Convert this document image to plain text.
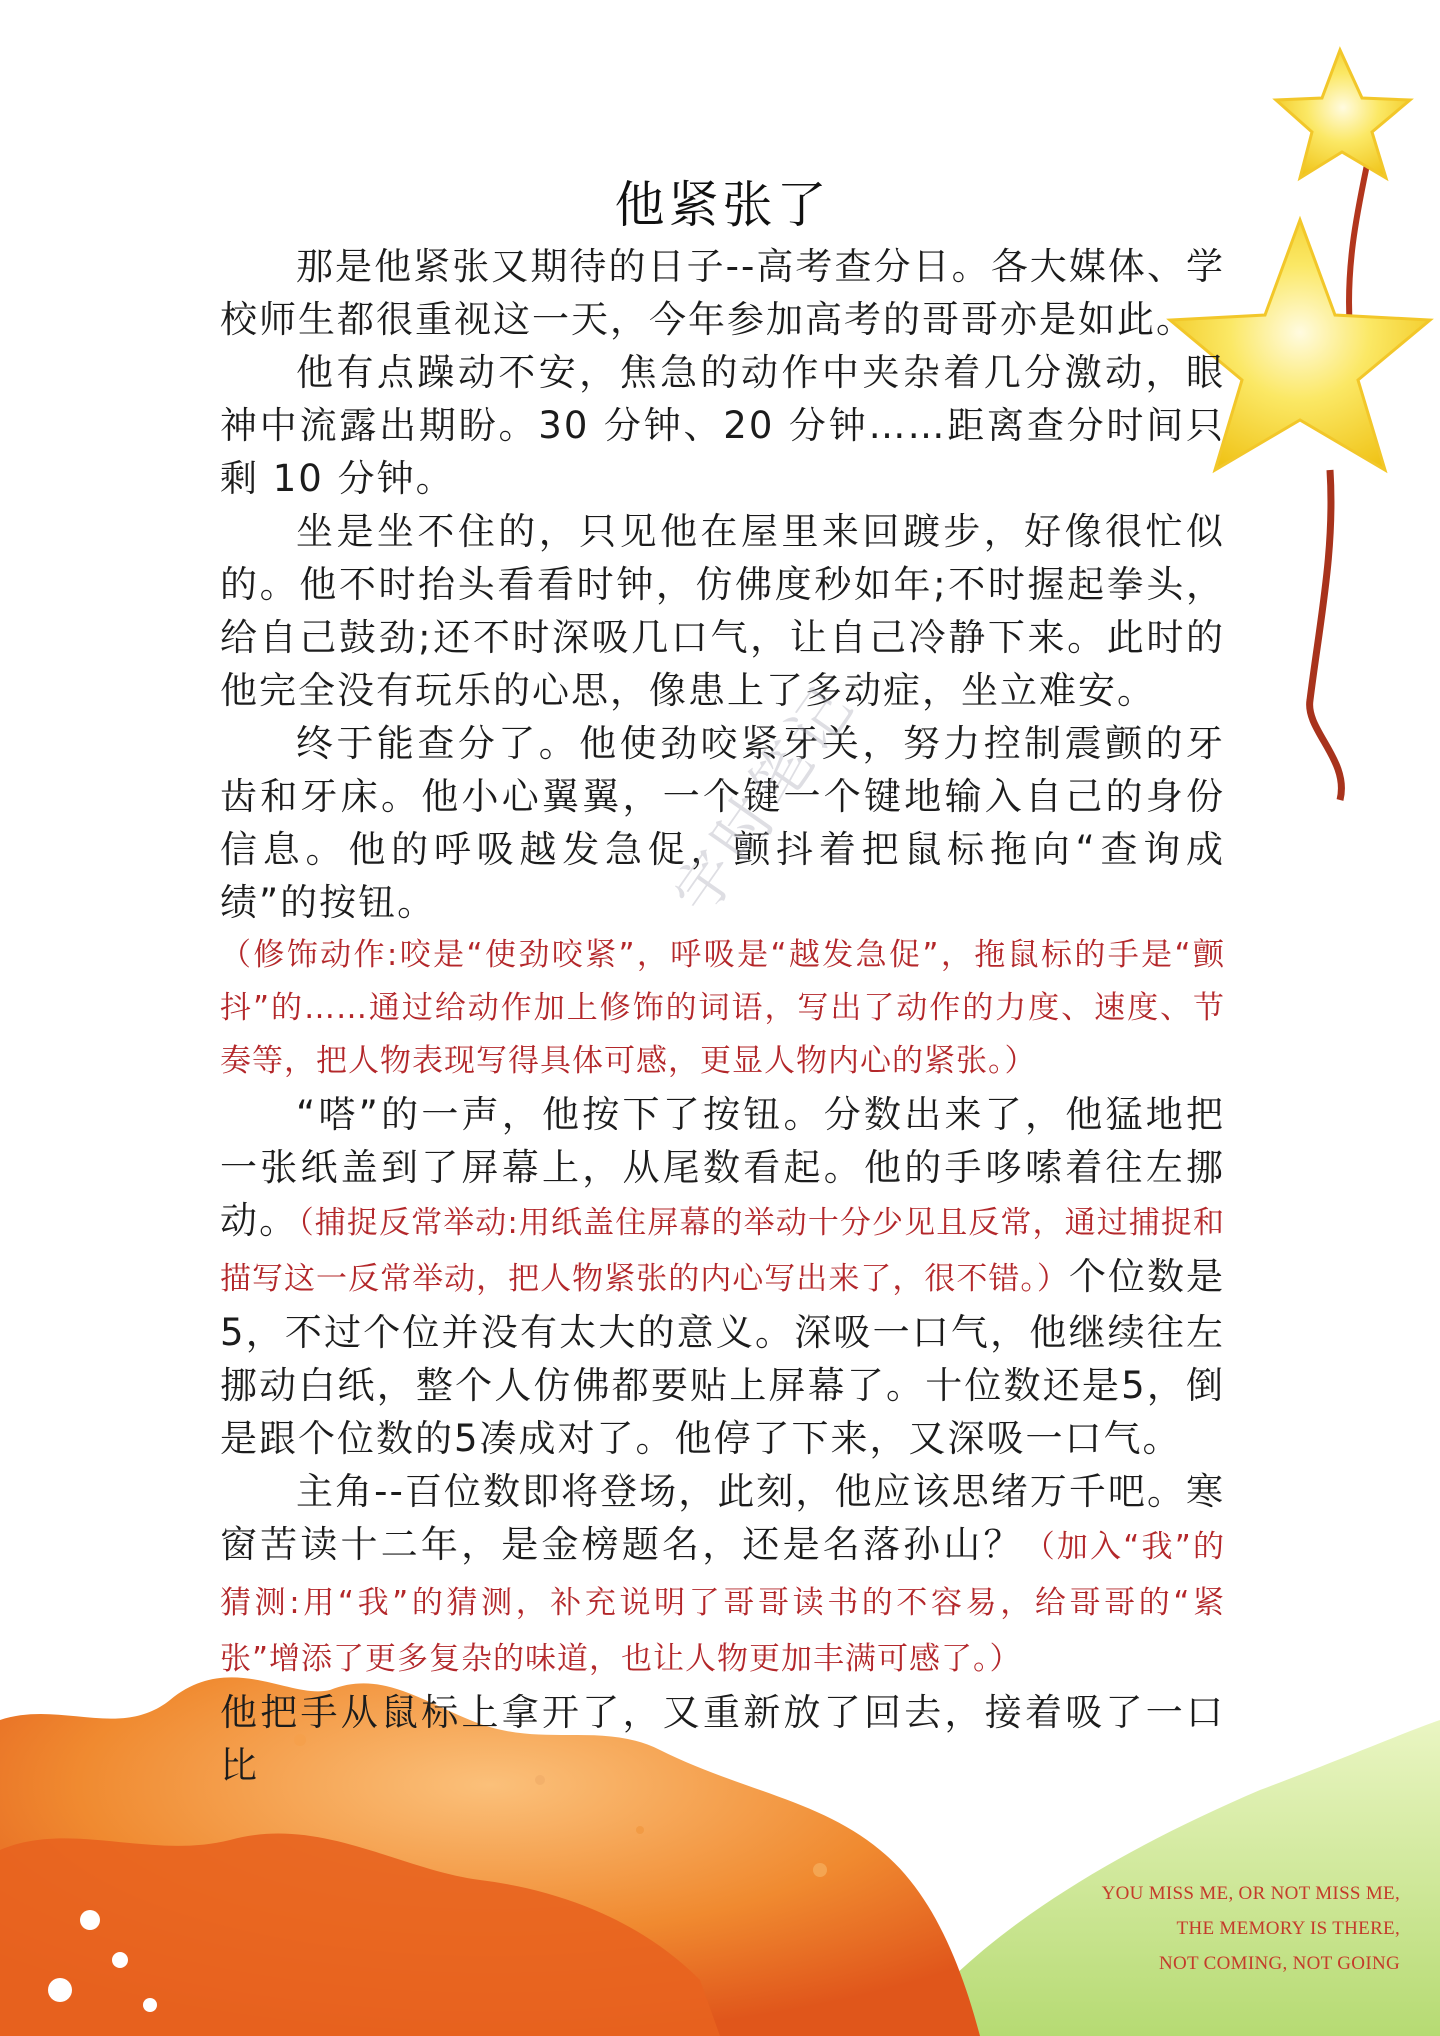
他紧张了

那是他紧张又期待的日子--高考查分日。各大媒体、学校师生都很重视这一天，今年参加高考的哥哥亦是如此。

他有点躁动不安，焦急的动作中夹杂着几分激动，眼神中流露出期盼。30 分钟、20 分钟……距离查分时间只剩 10 分钟。

坐是坐不住的，只见他在屋里来回踱步，好像很忙似的。他不时抬头看看时钟，仿佛度秒如年;不时握起拳头，给自己鼓劲;还不时深吸几口气，让自己冷静下来。此时的他完全没有玩乐的心思，像患上了多动症，坐立难安。

终于能查分了。他使劲咬紧牙关，努力控制震颤的牙齿和牙床。他小心翼翼，一个键一个键地输入自己的身份信息。他的呼吸越发急促，颤抖着把鼠标拖向“查询成绩”的按钮。

（修饰动作:咬是“使劲咬紧”，呼吸是“越发急促”，拖鼠标的手是“颤抖”的……通过给动作加上修饰的词语，写出了动作的力度、速度、节奏等，把人物表现写得具体可感，更显人物内心的紧张。）

“嗒”的一声，他按下了按钮。分数出来了，他猛地把一张纸盖到了屏幕上，从尾数看起。他的手哆嗦着往左挪动。（捕捉反常举动:用纸盖住屏幕的举动十分少见且反常，通过捕捉和描写这一反常举动，把人物紧张的内心写出来了，很不错。）个位数是5，不过个位并没有太大的意义。深吸一口气，他继续往左挪动白纸，整个人仿佛都要贴上屏幕了。十位数还是5，倒是跟个位数的5凑成对了。他停了下来，又深吸一口气。

主角--百位数即将登场，此刻，他应该思绪万千吧。寒窗苦读十二年，是金榜题名，还是名落孙山？（加入“我”的猜测:用“我”的猜测，补充说明了哥哥读书的不容易，给哥哥的“紧张”增添了更多复杂的味道，也让人物更加丰满可感了。）

他把手从鼠标上拿开了，又重新放了回去，接着吸了一口比

宇时笔记
YOU MISS ME, OR NOT MISS ME,
THE MEMORY IS THERE,
NOT COMING, NOT GOING
